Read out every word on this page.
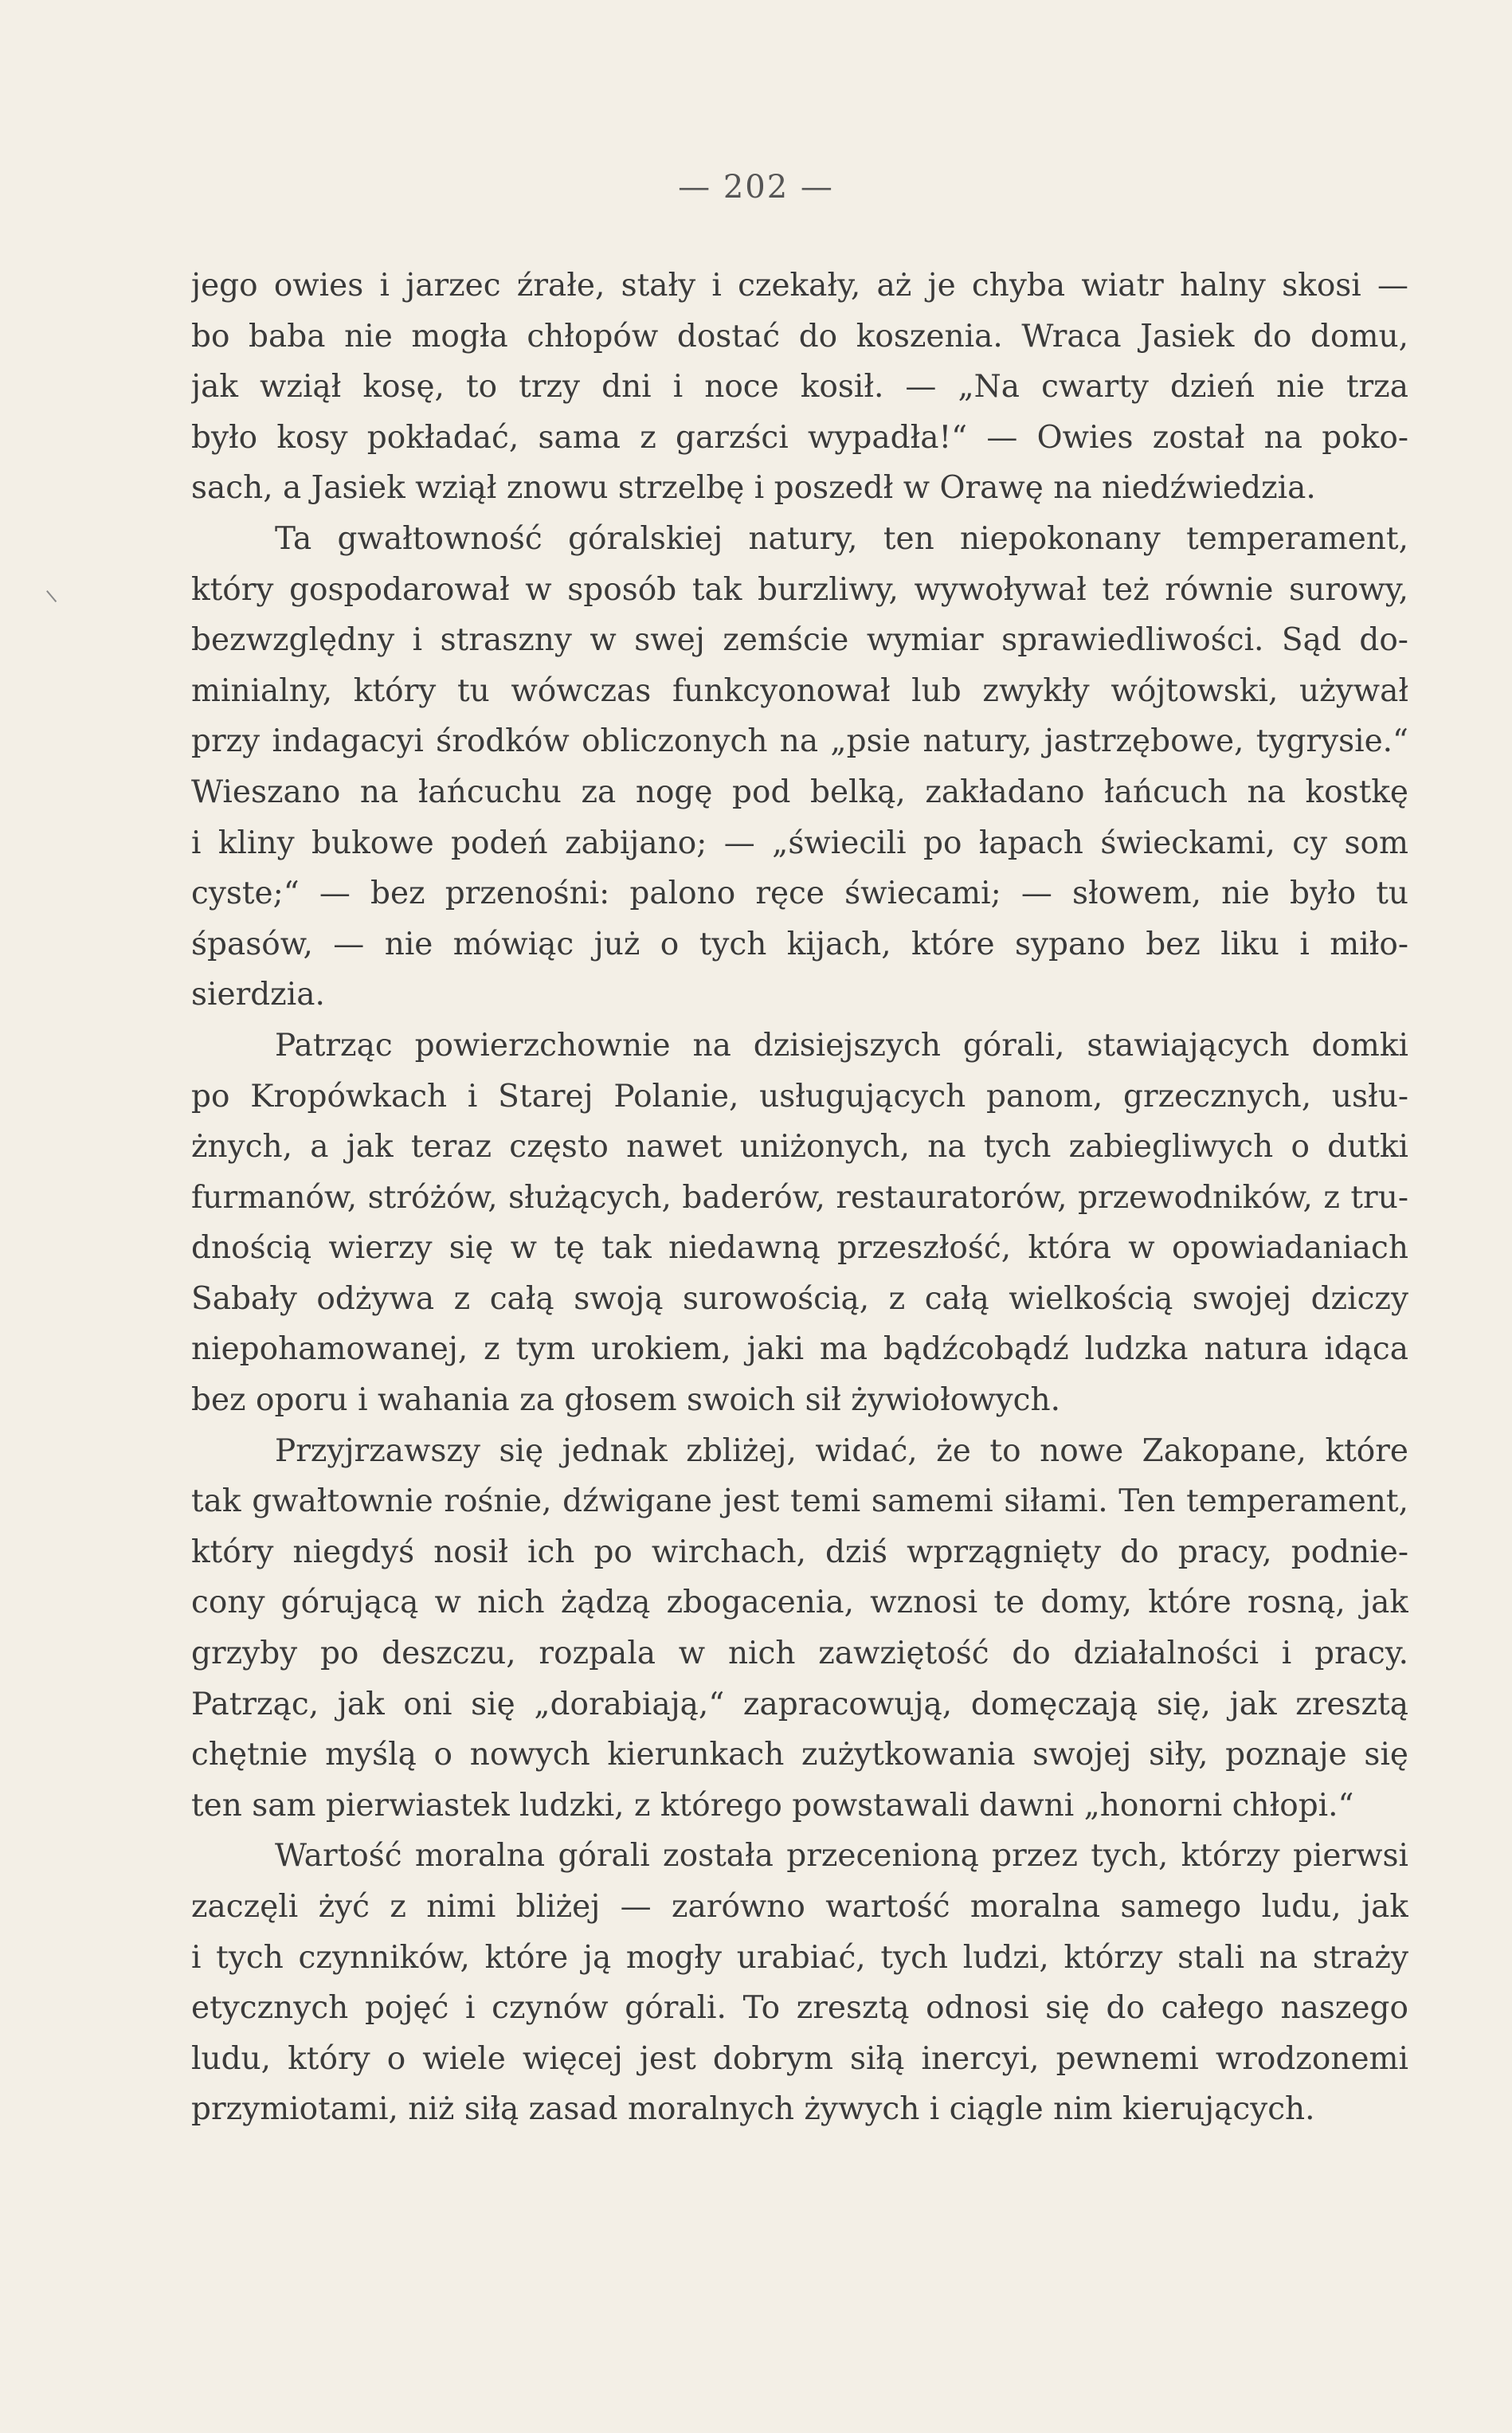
— 202 —
jego owies i jarzec źrałe, stały i czekały, aż je chyba wiatr halny skosi —
bo baba nie mogła chłopów dostać do koszenia. Wraca Jasiek do domu,
jak wziął kosę, to trzy dni i noce kosił. — „Na cwarty dzień nie trza
było kosy pokładać, sama z garzści wypadła!“ — Owies został na poko-
sach, a Jasiek wziął znowu strzelbę i poszedł w Orawę na niedźwiedzia.
Ta gwałtowność góralskiej natury, ten niepokonany temperament,
który gospodarował w sposób tak burzliwy, wywoływał też równie surowy,
bezwzględny i straszny w swej zemście wymiar sprawiedliwości. Sąd do-
minialny, który tu wówczas funkcyonował lub zwykły wójtowski, używał
przy indagacyi środków obliczonych na „psie natury, jastrzębowe, tygrysie.“
Wieszano na łańcuchu za nogę pod belką, zakładano łańcuch na kostkę
i kliny bukowe podeń zabijano; — „świecili po łapach świeckami, cy som
cyste;“ — bez przenośni: palono ręce świecami; — słowem, nie było tu
śpasów, — nie mówiąc już o tych kijach, które sypano bez liku i miło-
sierdzia.
Patrząc powierzchownie na dzisiejszych górali, stawiających domki
po Kropówkach i Starej Polanie, usługujących panom, grzecznych, usłu-
żnych, a jak teraz często nawet uniżonych, na tych zabiegliwych o dutki
furmanów, stróżów, służących, baderów, restauratorów, przewodników, z tru-
dnością wierzy się w tę tak niedawną przeszłość, która w opowiadaniach
Sabały odżywa z całą swoją surowością, z całą wielkością swojej dziczy
niepohamowanej, z tym urokiem, jaki ma bądźcobądź ludzka natura idąca
bez oporu i wahania za głosem swoich sił żywiołowych.
Przyjrzawszy się jednak zbliżej, widać, że to nowe Zakopane, które
tak gwałtownie rośnie, dźwigane jest temi samemi siłami. Ten temperament,
który niegdyś nosił ich po wirchach, dziś wprzągnięty do pracy, podnie-
cony górującą w nich żądzą zbogacenia, wznosi te domy, które rosną, jak
grzyby po deszczu, rozpala w nich zawziętość do działalności i pracy.
Patrząc, jak oni się „dorabiają,“ zapracowują, domęczają się, jak zresztą
chętnie myślą o nowych kierunkach zużytkowania swojej siły, poznaje się
ten sam pierwiastek ludzki, z którego powstawali dawni „honorni chłopi.“
Wartość moralna górali została przecenioną przez tych, którzy pierwsi
zaczęli żyć z nimi bliżej — zarówno wartość moralna samego ludu, jak
i tych czynników, które ją mogły urabiać, tych ludzi, którzy stali na straży
etycznych pojęć i czynów górali. To zresztą odnosi się do całego naszego
ludu, który o wiele więcej jest dobrym siłą inercyi, pewnemi wrodzonemi
przymiotami, niż siłą zasad moralnych żywych i ciągle nim kierujących.
